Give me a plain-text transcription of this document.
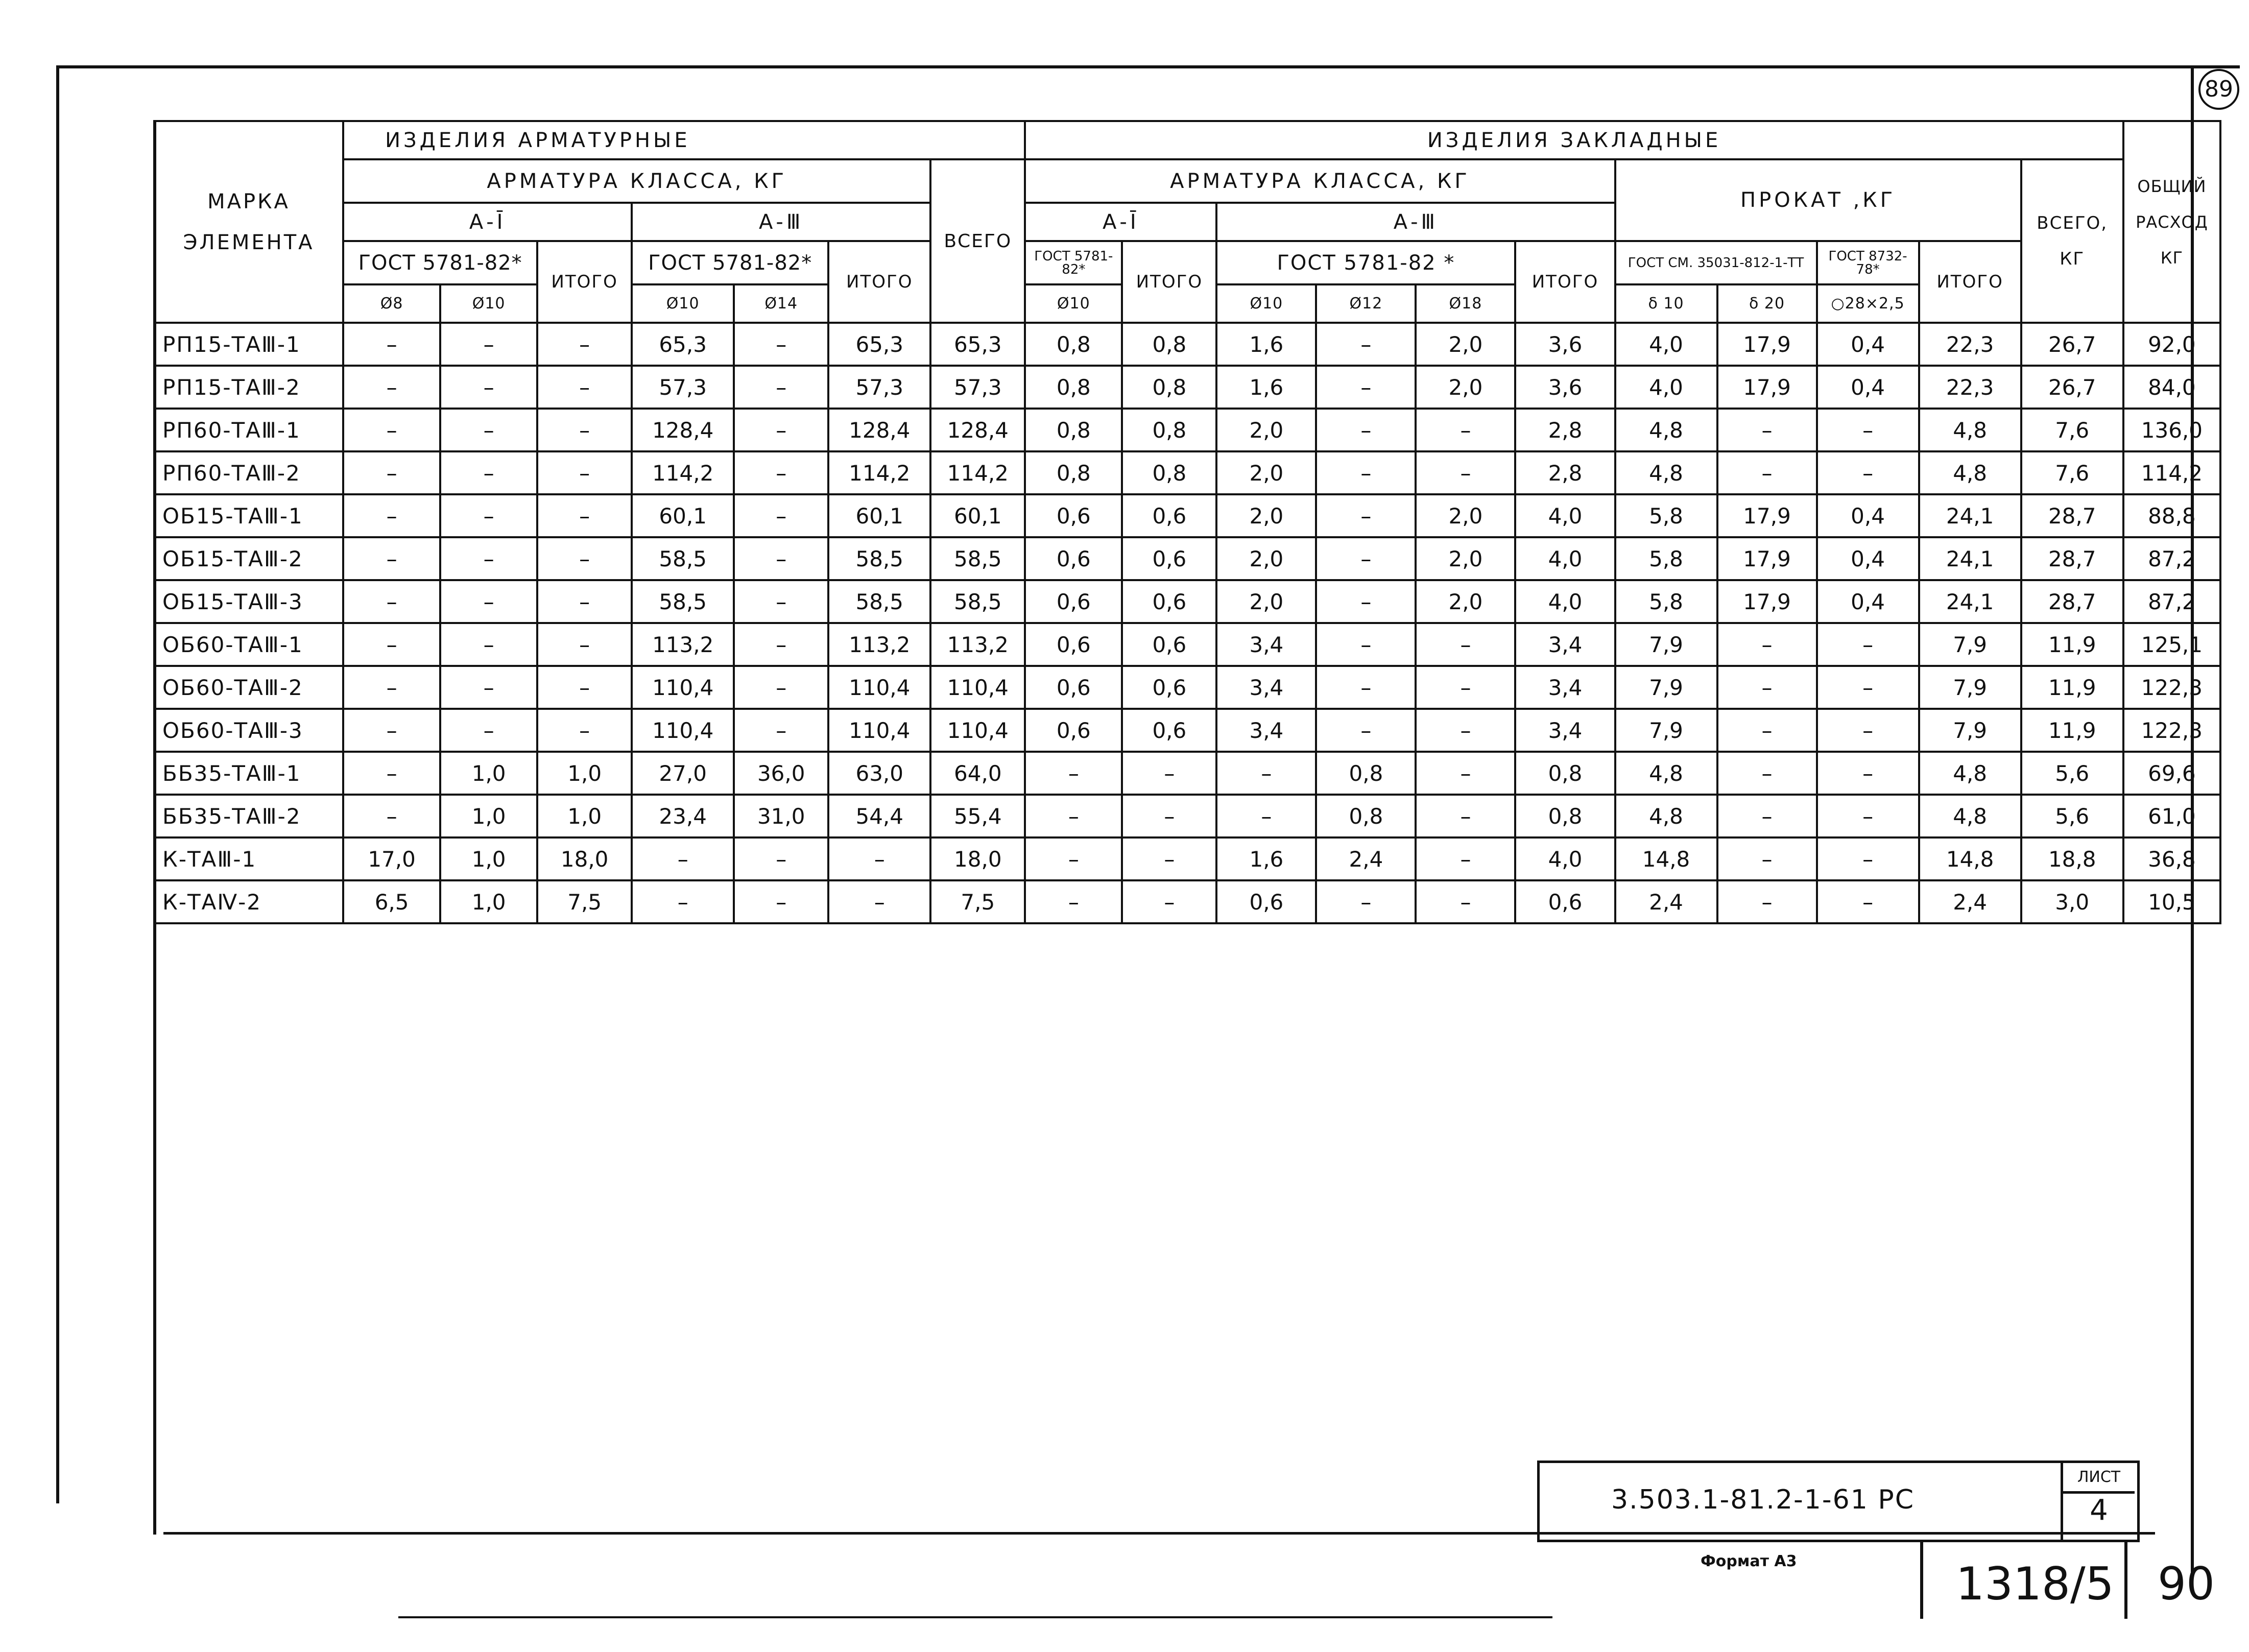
89
МАРКА ЭЛЕМЕНТА	ИЗДЕЛИЯ АРМАТУРНЫЕ							ИЗДЕЛИЯ ЗАКЛАДНЫЕ											ОБЩИЙ РАСХОД КГ
	АРМАТУРА КЛАССА, КГ						ВСЕГО	АРМАТУРА КЛАССА, КГ						ПРОКАТ ,КГ				ВСЕГО, КГ	
	А-Ī			А-Ⅲ				А-Ī		А-Ⅲ									
	ГОСТ 5781-82*		ИТОГО	ГОСТ 5781-82*		ИТОГО		ГОСТ 5781-82*	ИТОГО	ГОСТ 5781-82 *			ИТОГО	ГОСТ СМ. 35031-812-1-ТТ		ГОСТ 8732-78*	ИТОГО		
	Ø8	Ø10		Ø10	Ø14			Ø10		Ø10	Ø12	Ø18		δ 10	δ 20	○28×2,5			
РП15-ТАⅢ-1	–	–	–	65,3	–	65,3	65,3	0,8	0,8	1,6	–	2,0	3,6	4,0	17,9	0,4	22,3	26,7	92,0
РП15-ТАⅢ-2	–	–	–	57,3	–	57,3	57,3	0,8	0,8	1,6	–	2,0	3,6	4,0	17,9	0,4	22,3	26,7	84,0
РП60-ТАⅢ-1	–	–	–	128,4	–	128,4	128,4	0,8	0,8	2,0	–	–	2,8	4,8	–	–	4,8	7,6	136,0
РП60-ТАⅢ-2	–	–	–	114,2	–	114,2	114,2	0,8	0,8	2,0	–	–	2,8	4,8	–	–	4,8	7,6	114,2
ОБ15-ТАⅢ-1	–	–	–	60,1	–	60,1	60,1	0,6	0,6	2,0	–	2,0	4,0	5,8	17,9	0,4	24,1	28,7	88,8
ОБ15-ТАⅢ-2	–	–	–	58,5	–	58,5	58,5	0,6	0,6	2,0	–	2,0	4,0	5,8	17,9	0,4	24,1	28,7	87,2
ОБ15-ТАⅢ-3	–	–	–	58,5	–	58,5	58,5	0,6	0,6	2,0	–	2,0	4,0	5,8	17,9	0,4	24,1	28,7	87,2
ОБ60-ТАⅢ-1	–	–	–	113,2	–	113,2	113,2	0,6	0,6	3,4	–	–	3,4	7,9	–	–	7,9	11,9	125,1
ОБ60-ТАⅢ-2	–	–	–	110,4	–	110,4	110,4	0,6	0,6	3,4	–	–	3,4	7,9	–	–	7,9	11,9	122,3
ОБ60-ТАⅢ-3	–	–	–	110,4	–	110,4	110,4	0,6	0,6	3,4	–	–	3,4	7,9	–	–	7,9	11,9	122,3
ББ35-ТАⅢ-1	–	1,0	1,0	27,0	36,0	63,0	64,0	–	–	–	0,8	–	0,8	4,8	–	–	4,8	5,6	69,6
ББ35-ТАⅢ-2	–	1,0	1,0	23,4	31,0	54,4	55,4	–	–	–	0,8	–	0,8	4,8	–	–	4,8	5,6	61,0
К-ТАⅢ-1	17,0	1,0	18,0	–	–	–	18,0	–	–	1,6	2,4	–	4,0	14,8	–	–	14,8	18,8	36,8
К-ТАⅣ-2	6,5	1,0	7,5	–	–	–	7,5	–	–	0,6	–	–	0,6	2,4	–	–	2,4	3,0	10,5

3.503.1-81.2-1-61 РС
ЛИСТ
4
Формат А3	1318/5 90
